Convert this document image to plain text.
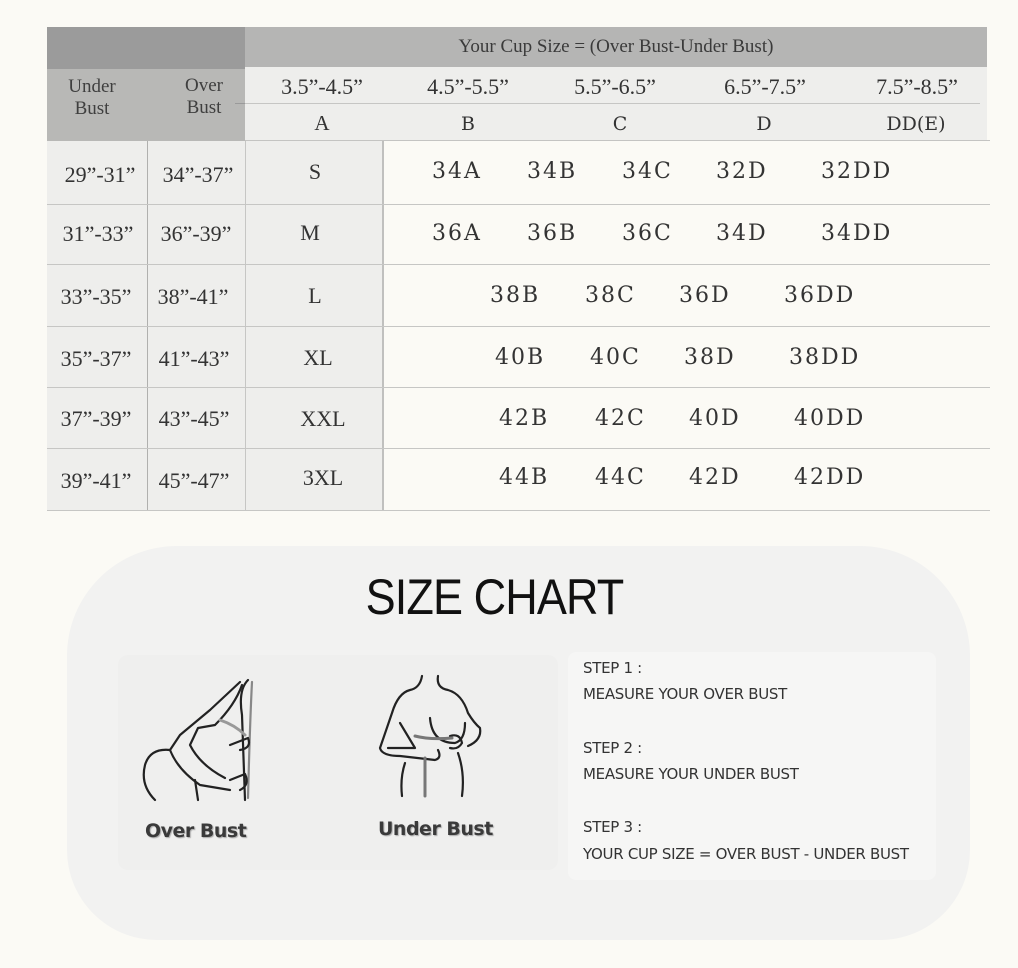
Your Cup Size = (Over Bust-Under Bust)
Under
Bust
Over
Bust
3.5”-4.5”	4.5”-5.5”	5.5”-6.5”	6.5”-7.5”	7.5”-8.5”
A	B	C	D	DD(E)
29”-31”	34”-37”	S	34A 34B 34C 32D 32DD
31”-33”	36”-39”	M	36A 36B 36C 34D 34DD
33”-35”	38”-41”	L	38B 38C 36D 36DD
35”-37”	41”-43”	XL	40B 40C 38D 38DD
37”-39”	43”-45”	XXL	42B 42C 40D 40DD
39”-41”	45”-47”	3XL	44B 44C 42D 42DD
SIZE CHART
Over Bust	Under Bust
STEP 1 :
MEASURE YOUR OVER BUST
STEP 2 :
MEASURE YOUR UNDER BUST
STEP 3 :
YOUR CUP SIZE = OVER BUST - UNDER BUST
